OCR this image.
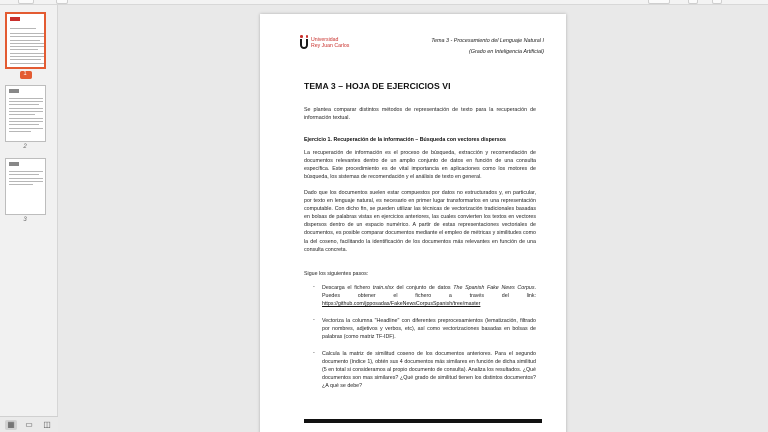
1
2
3
▦ ▭ ◫
Tema 3 - Procesamiento del Lenguaje Natural I
(Grado en Inteligencia Artificial)
Universidad
Rey Juan Carlos
TEMA 3 – HOJA DE EJERCICIOS VI
Se plantea comparar distintos métodos de representación de texto para la recuperación de información textual.
Ejercicio 1. Recuperación de la información – Búsqueda con vectores dispersos
La recuperación de información es el proceso de búsqueda, extracción y recomendación de documentos relevantes dentro de un amplio conjunto de datos en función de una consulta específica. Este procedimiento es de vital importancia en aplicaciones como los motores de búsqueda, los sistemas de recomendación y el análisis de texto en general.
Dado que los documentos suelen estar compuestos por datos no estructurados y, en particular, por texto en lenguaje natural, es necesario en primer lugar transformarlos en una representación computable. Con dicho fin, se pueden utilizar las técnicas de vectorización tradicionales basadas en bolsas de palabras vistas en ejercicios anteriores, las cuales convierten los textos en vectores dispersos dentro de un espacio numérico. A partir de estas representaciones vectoriales de documentos, es posible comparar documentos mediante el empleo de métricas y similitudes como la del coseno, facilitando la identificación de los documentos más relevantes en función de una consulta concreta.
Sigue los siguientes pasos:
- Descarga el fichero train.xlsx del conjunto de datos The Spanish Fake News Corpus. Puedes obtener el fichero a través del link: https://github.com/jpposadas/FakeNewsCorpusSpanish/tree/master
- Vectoriza la columna "Headline" con diferentes preprocesamientos (lematización, filtrado por nombres, adjetivos y verbos, etc), así como vectorizaciones basadas en bolsas de palabras (como matriz TF-IDF).
- Calcula la matriz de similitud coseno de los documentos anteriores. Para el segundo documento (índice 1), obtén sus 4 documentos más similares en función de dicha similitud (5 en total si consideramos al propio documento de consulta). Analiza los resultados. ¿Qué documentos son mas similares? ¿Qué grado de similitud tienen los distintos documentos? ¿A qué se debe?
